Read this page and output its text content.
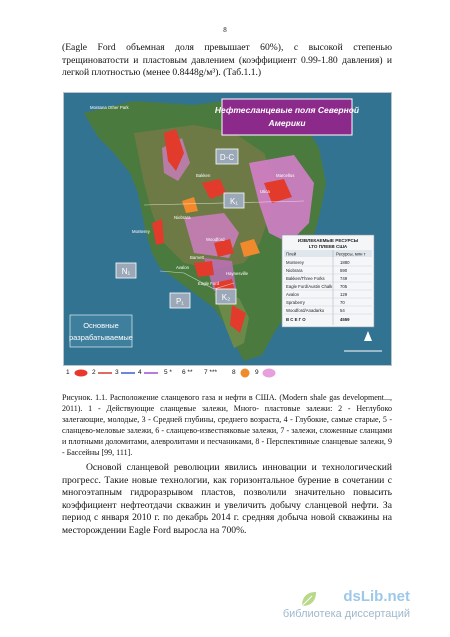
8
(Eagle Ford объемная доля превышает 60%), с высокой степенью трещиноватости и пластовым давлением (коэффициент 0.99-1.80 давления) и легкой плотностью (менее 0.8448g/м³). (Таб.1.1.)
Нефтесланцевые поля Северной
Америки
D-C
K₁
K₂
N₁
P₁
Montana Other Park
Bakken
Niobrara
Monterey
Woodford
Barnett
Eagle Ford
Haynesville
Marcellus
Utica
Avalon
ИЗВЛЕКАЕМЫЕ РЕСУРСЫ
LTO ПЛЕЕВ США
Плей	Ресурсы, млн т
Monterey	1880
Niobrara	590
Bakken/Three Forks	749
Eagle Ford/Austin Chalk 705
Avalon	129
Spraberry	70
Woodford/Anadarko	54
В С Е Г О	4559
Основные
разрабатываемые
1	2	3	4	5 * 6 ** 7 *** 8	9
Рисунок. 1.1. Расположение сланцевого газа и нефти в США. (Modern shale gas development..., 2011). 1 - Действующие сланцевые залежи, Много- пластовые залежи: 2 - Неглубоко залегающие, молодые, 3 - Средней глубины, среднего возраста, 4 - Глубокие, самые старые, 5 - сланцево-меловые залежи, 6 - сланцево-известняковые залежи, 7 - залежи, сложенные сланцами и плотными доломитами, алевролитами и песчаниками, 8 - Перспективные сланцевые залежи, 9 - Бассейны [99, 111].
Основой сланцевой революции явились инновации и технологический прогресс. Такие новые технологии, как горизонтальное бурение в сочетании с многоэтапным гидроразрывом пластов, позволили значительно повысить коэффициент нефтеотдачи скважин и увеличить добычу сланцевой нефти. За период с января 2010 г. по декабрь 2014 г. средняя добыча новой скважины на месторождении Eagle Ford выросла на 700%.
dsLib.net
библиотека диссертаций
